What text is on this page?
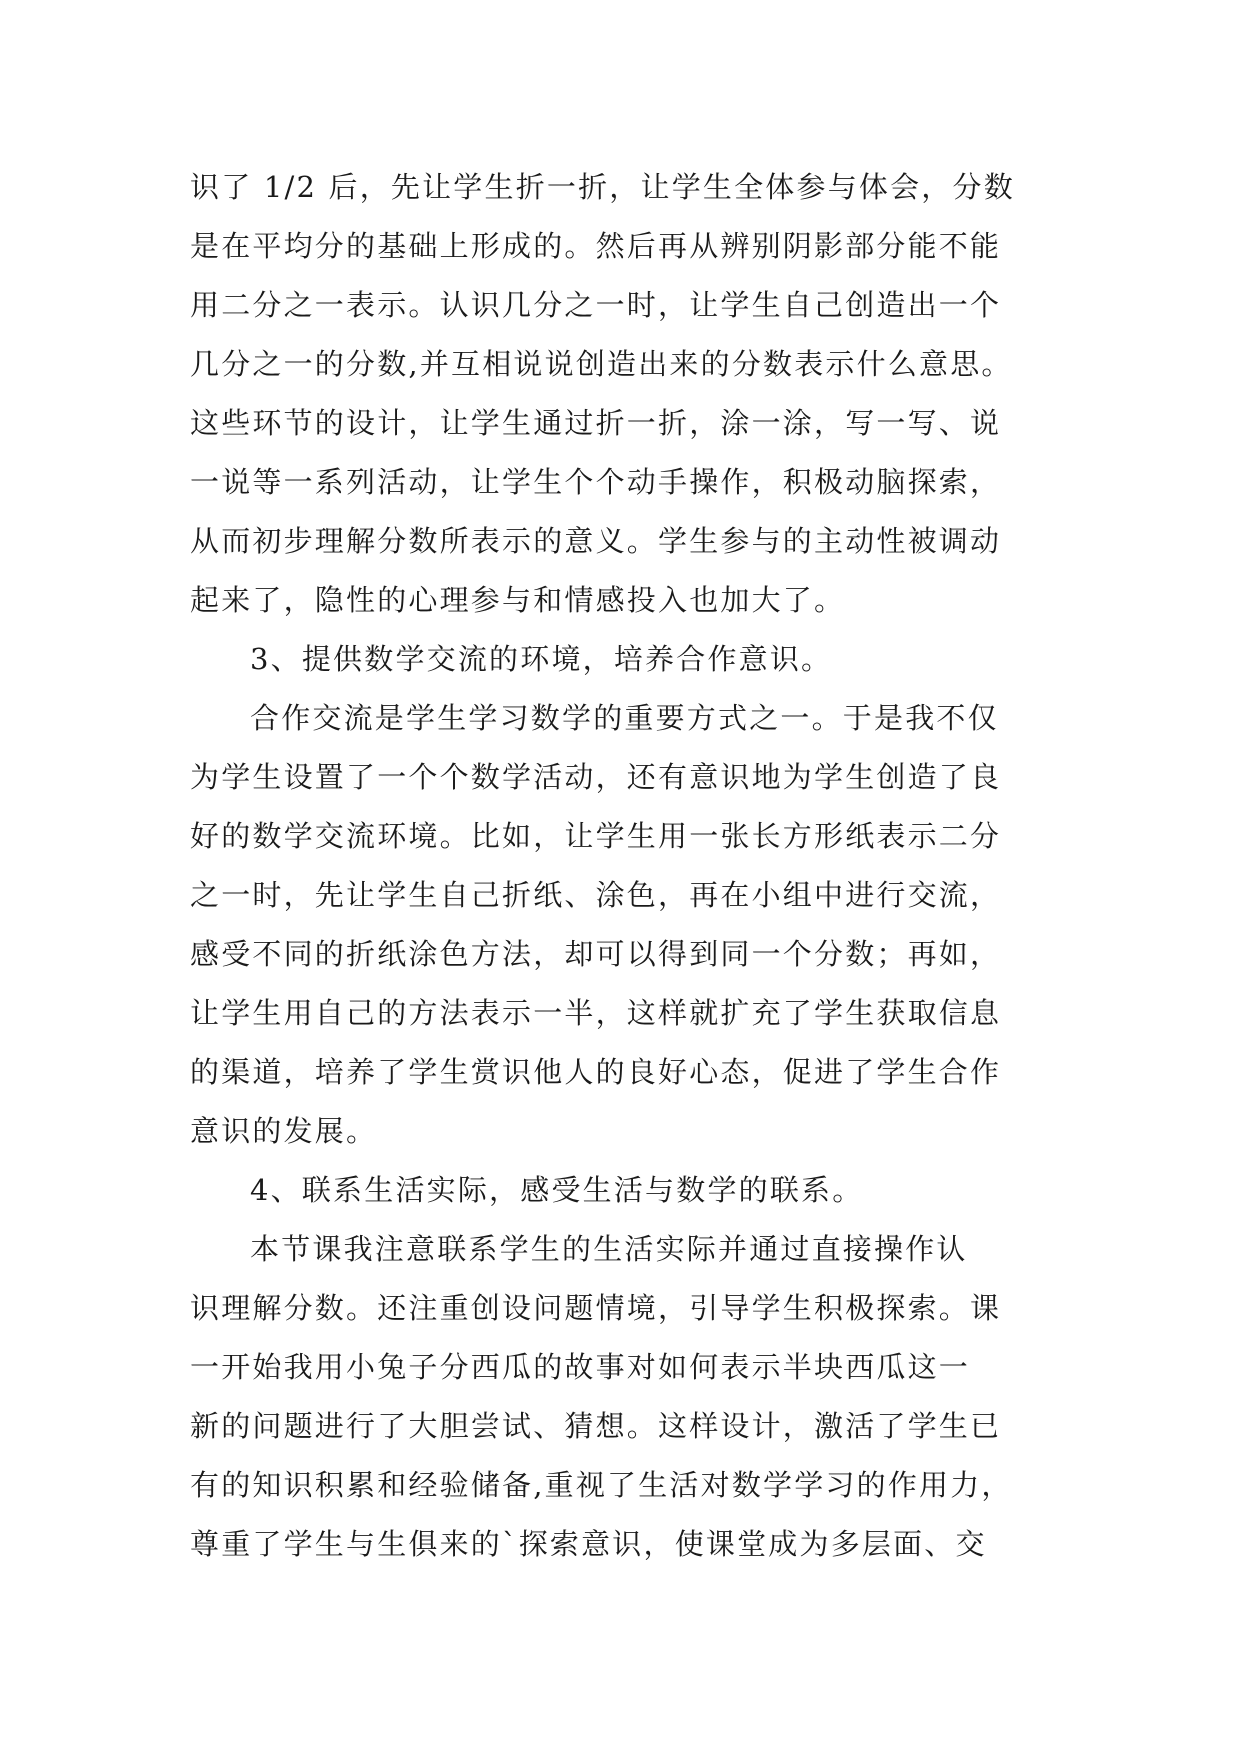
识了 1/2 后，先让学生折一折，让学生全体参与体会，分数
是在平均分的基础上形成的。然后再从辨别阴影部分能不能
用二分之一表示。认识几分之一时，让学生自己创造出一个
几分之一的分数,并互相说说创造出来的分数表示什么意思。
这些环节的设计，让学生通过折一折，涂一涂，写一写、说
一说等一系列活动，让学生个个动手操作，积极动脑探索，
从而初步理解分数所表示的意义。学生参与的主动性被调动
起来了，隐性的心理参与和情感投入也加大了。
3、提供数学交流的环境，培养合作意识。
合作交流是学生学习数学的重要方式之一。于是我不仅
为学生设置了一个个数学活动，还有意识地为学生创造了良
好的数学交流环境。比如，让学生用一张长方形纸表示二分
之一时，先让学生自己折纸、涂色，再在小组中进行交流，
感受不同的折纸涂色方法，却可以得到同一个分数；再如，
让学生用自己的方法表示一半，这样就扩充了学生获取信息
的渠道，培养了学生赏识他人的良好心态，促进了学生合作
意识的发展。
4、联系生活实际，感受生活与数学的联系。
本节课我注意联系学生的生活实际并通过直接操作认
识理解分数。还注重创设问题情境，引导学生积极探索。课
一开始我用小兔子分西瓜的故事对如何表示半块西瓜这一
新的问题进行了大胆尝试、猜想。这样设计，激活了学生已
有的知识积累和经验储备,重视了生活对数学学习的作用力，
尊重了学生与生俱来的`探索意识，使课堂成为多层面、交
